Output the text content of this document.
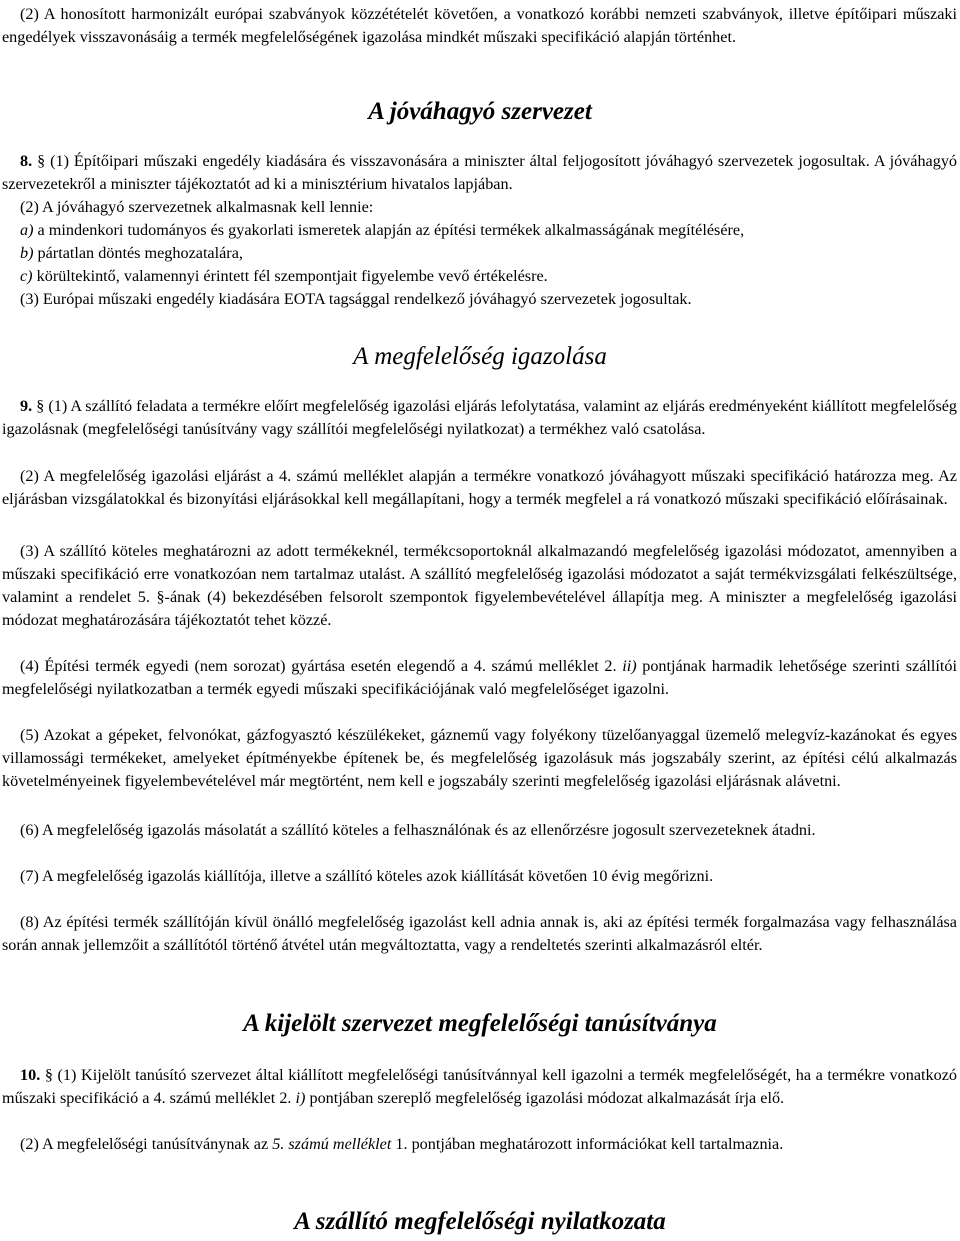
(2) A honosított harmonizált európai szabványok közzétételét követően, a vonatkozó korábbi nemzeti szabványok, illetve építőipari műszaki engedélyek visszavonásáig a termék megfelelőségének igazolása mindkét műszaki specifikáció alapján történhet.

A jóváhagyó szervezet

8. § (1) Építőipari műszaki engedély kiadására és visszavonására a miniszter által feljogosított jóváhagyó szervezetek jogosultak. A jóváhagyó szervezetekről a miniszter tájékoztatót ad ki a minisztérium hivatalos lapjában.

(2) A jóváhagyó szervezetnek alkalmasnak kell lennie:

a) a mindenkori tudományos és gyakorlati ismeretek alapján az építési termékek alkalmasságának megítélésére,

b) pártatlan döntés meghozatalára,

c) körültekintő, valamennyi érintett fél szempontjait figyelembe vevő értékelésre.

(3) Európai műszaki engedély kiadására EOTA tagsággal rendelkező jóváhagyó szervezetek jogosultak.

A megfelelőség igazolása

9. § (1) A szállító feladata a termékre előírt megfelelőség igazolási eljárás lefolytatása, valamint az eljárás eredményeként kiállított megfelelőség igazolásnak (megfelelőségi tanúsítvány vagy szállítói megfelelőségi nyilatkozat) a termékhez való csatolása.

(2) A megfelelőség igazolási eljárást a 4. számú melléklet alapján a termékre vonatkozó jóváhagyott műszaki specifikáció határozza meg. Az eljárásban vizsgálatokkal és bizonyítási eljárásokkal kell megállapítani, hogy a termék megfelel a rá vonatkozó műszaki specifikáció előírásainak.

(3) A szállító köteles meghatározni az adott termékeknél, termékcsoportoknál alkalmazandó megfelelőség igazolási módozatot, amennyiben a műszaki specifikáció erre vonatkozóan nem tartalmaz utalást. A szállító megfelelőség igazolási módozatot a saját termékvizsgálati felkészültsége, valamint a rendelet 5. §-ának (4) bekezdésében felsorolt szempontok figyelembevételével állapítja meg. A miniszter a megfelelőség igazolási módozat meghatározására tájékoztatót tehet közzé.

(4) Építési termék egyedi (nem sorozat) gyártása esetén elegendő a 4. számú melléklet 2. ii) pontjának harmadik lehetősége szerinti szállítói megfelelőségi nyilatkozatban a termék egyedi műszaki specifikációjának való megfelelőséget igazolni.

(5) Azokat a gépeket, felvonókat, gázfogyasztó készülékeket, gáznemű vagy folyékony tüzelőanyaggal üzemelő melegvíz-kazánokat és egyes villamossági termékeket, amelyeket építményekbe építenek be, és megfelelőség igazolásuk más jogszabály szerint, az építési célú alkalmazás követelményeinek figyelembevételével már megtörtént, nem kell e jogszabály szerinti megfelelőség igazolási eljárásnak alávetni.

(6) A megfelelőség igazolás másolatát a szállító köteles a felhasználónak és az ellenőrzésre jogosult szervezeteknek átadni.

(7) A megfelelőség igazolás kiállítója, illetve a szállító köteles azok kiállítását követően 10 évig megőrizni.

(8) Az építési termék szállítóján kívül önálló megfelelőség igazolást kell adnia annak is, aki az építési termék forgalmazása vagy felhasználása során annak jellemzőit a szállítótól történő átvétel után megváltoztatta, vagy a rendeltetés szerinti alkalmazásról eltér.

A kijelölt szervezet megfelelőségi tanúsítványa

10. § (1) Kijelölt tanúsító szervezet által kiállított megfelelőségi tanúsítvánnyal kell igazolni a termék megfelelőségét, ha a termékre vonatkozó műszaki specifikáció a 4. számú melléklet 2. i) pontjában szereplő megfelelőség igazolási módozat alkalmazását írja elő.

(2) A megfelelőségi tanúsítványnak az 5. számú melléklet 1. pontjában meghatározott információkat kell tartalmaznia.

A szállító megfelelőségi nyilatkozata
